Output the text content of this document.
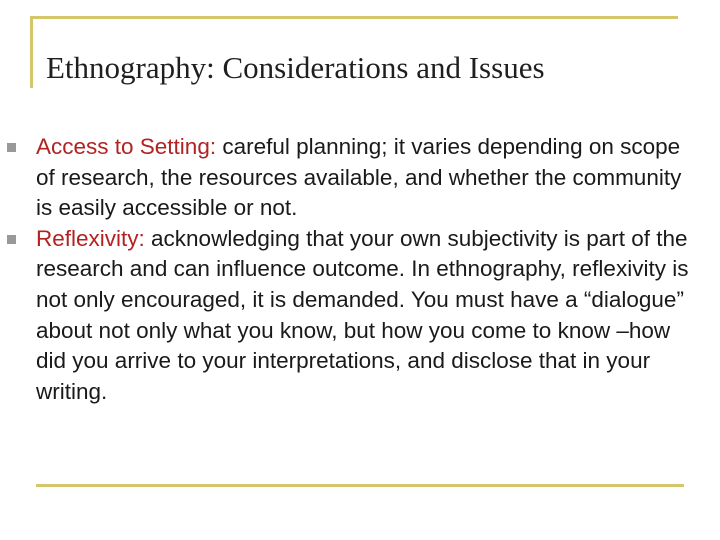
Ethnography: Considerations and Issues
Access to Setting: careful planning; it varies depending on scope of research, the resources available, and whether the community is easily accessible or not.
Reflexivity: acknowledging that your own subjectivity is part of the research and can influence outcome. In ethnography, reflexivity is not only encouraged, it is demanded. You must have a “dialogue” about not only what you know, but how you come to know –how did you arrive to your interpretations, and disclose that in your writing.
